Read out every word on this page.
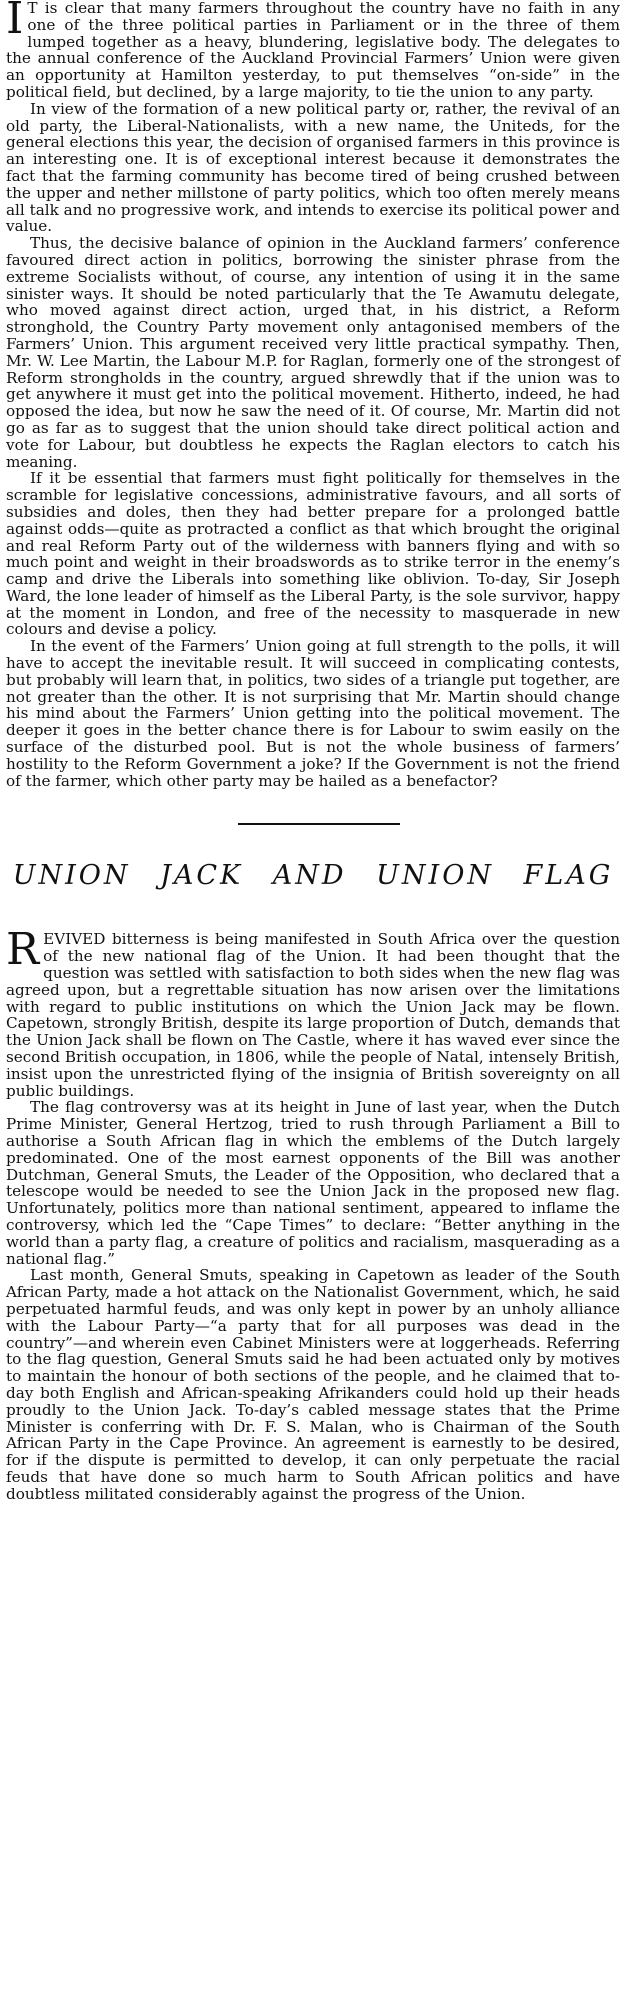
I T is clear that many farmers throughout the country have no faith in any one of the three political parties in Parliament or in the three of them lumped together as a heavy, blundering, legislative body. The delegates to the annual conference of the Auckland Provincial Farmers’ Union were given an opportunity at Hamilton yesterday, to put themselves “on-side” in the political field, but declined, by a large majority, to tie the union to any party.

In view of the formation of a new political party or, rather, the revival of an old party, the Liberal-Nationalists, with a new name, the Uniteds, for the general elections this year, the decision of organised farmers in this province is an interesting one. It is of exceptional interest because it demonstrates the fact that the farming community has become tired of being crushed between the upper and nether millstone of party politics, which too often merely means all talk and no progressive work, and intends to exercise its political power and value.

Thus, the decisive balance of opinion in the Auckland farmers’ conference favoured direct action in politics, borrowing the sinister phrase from the extreme Socialists without, of course, any intention of using it in the same sinister ways. It should be noted particularly that the Te Awamutu delegate, who moved against direct action, urged that, in his district, a Reform stronghold, the Country Party movement only antagonised members of the Farmers’ Union. This argument received very little practical sympathy. Then, Mr. W. Lee Martin, the Labour M.P. for Raglan, formerly one of the strongest of Reform strongholds in the country, argued shrewdly that if the union was to get anywhere it must get into the political movement. Hitherto, indeed, he had opposed the idea, but now he saw the need of it. Of course, Mr. Martin did not go as far as to suggest that the union should take direct political action and vote for Labour, but doubtless he expects the Raglan electors to catch his meaning.

If it be essential that farmers must fight politically for themselves in the scramble for legislative concessions, administrative favours, and all sorts of subsidies and doles, then they had better prepare for a prolonged battle against odds—quite as protracted a conflict as that which brought the original and real Reform Party out of the wilderness with banners flying and with so much point and weight in their broadswords as to strike terror in the enemy’s camp and drive the Liberals into something like oblivion. To-day, Sir Joseph Ward, the lone leader of himself as the Liberal Party, is the sole survivor, happy at the moment in London, and free of the necessity to masquerade in new colours and devise a policy.

In the event of the Farmers’ Union going at full strength to the polls, it will have to accept the inevitable result. It will succeed in complicating contests, but probably will learn that, in politics, two sides of a triangle put together, are not greater than the other. It is not surprising that Mr. Martin should change his mind about the Farmers’ Union getting into the political movement. The deeper it goes in the better chance there is for Labour to swim easily on the surface of the disturbed pool. But is not the whole business of farmers’ hostility to the Reform Government a joke? If the Government is not the friend of the farmer, which other party may be hailed as a benefactor?

UNION JACK AND UNION FLAG

REVIVED bitterness is being manifested in South Africa over the question of the new national flag of the Union. It had been thought that the question was settled with satisfaction to both sides when the new flag was agreed upon, but a regrettable situation has now arisen over the limitations with regard to public institutions on which the Union Jack may be flown. Capetown, strongly British, despite its large proportion of Dutch, demands that the Union Jack shall be flown on The Castle, where it has waved ever since the second British occupation, in 1806, while the people of Natal, intensely British, insist upon the unrestricted flying of the insignia of British sovereignty on all public buildings.

The flag controversy was at its height in June of last year, when the Dutch Prime Minister, General Hertzog, tried to rush through Parliament a Bill to authorise a South African flag in which the emblems of the Dutch largely predominated. One of the most earnest opponents of the Bill was another Dutchman, General Smuts, the Leader of the Opposition, who declared that a telescope would be needed to see the Union Jack in the proposed new flag. Unfortunately, politics more than national sentiment, appeared to inflame the controversy, which led the “Cape Times” to declare: “Better anything in the world than a party flag, a creature of politics and racialism, masquerading as a national flag.”

Last month, General Smuts, speaking in Capetown as leader of the South African Party, made a hot attack on the Nationalist Government, which, he said perpetuated harmful feuds, and was only kept in power by an unholy alliance with the Labour Party—“a party that for all purposes was dead in the country”—and wherein even Cabinet Ministers were at loggerheads. Referring to the flag question, General Smuts said he had been actuated only by motives to maintain the honour of both sections of the people, and he claimed that to-day both English and African-speaking Afrikanders could hold up their heads proudly to the Union Jack. To-day’s cabled message states that the Prime Minister is conferring with Dr. F. S. Malan, who is Chairman of the South African Party in the Cape Province. An agreement is earnestly to be desired, for if the dispute is permitted to develop, it can only perpetuate the racial feuds that have done so much harm to South African politics and have doubtless militated considerably against the progress of the Union.
